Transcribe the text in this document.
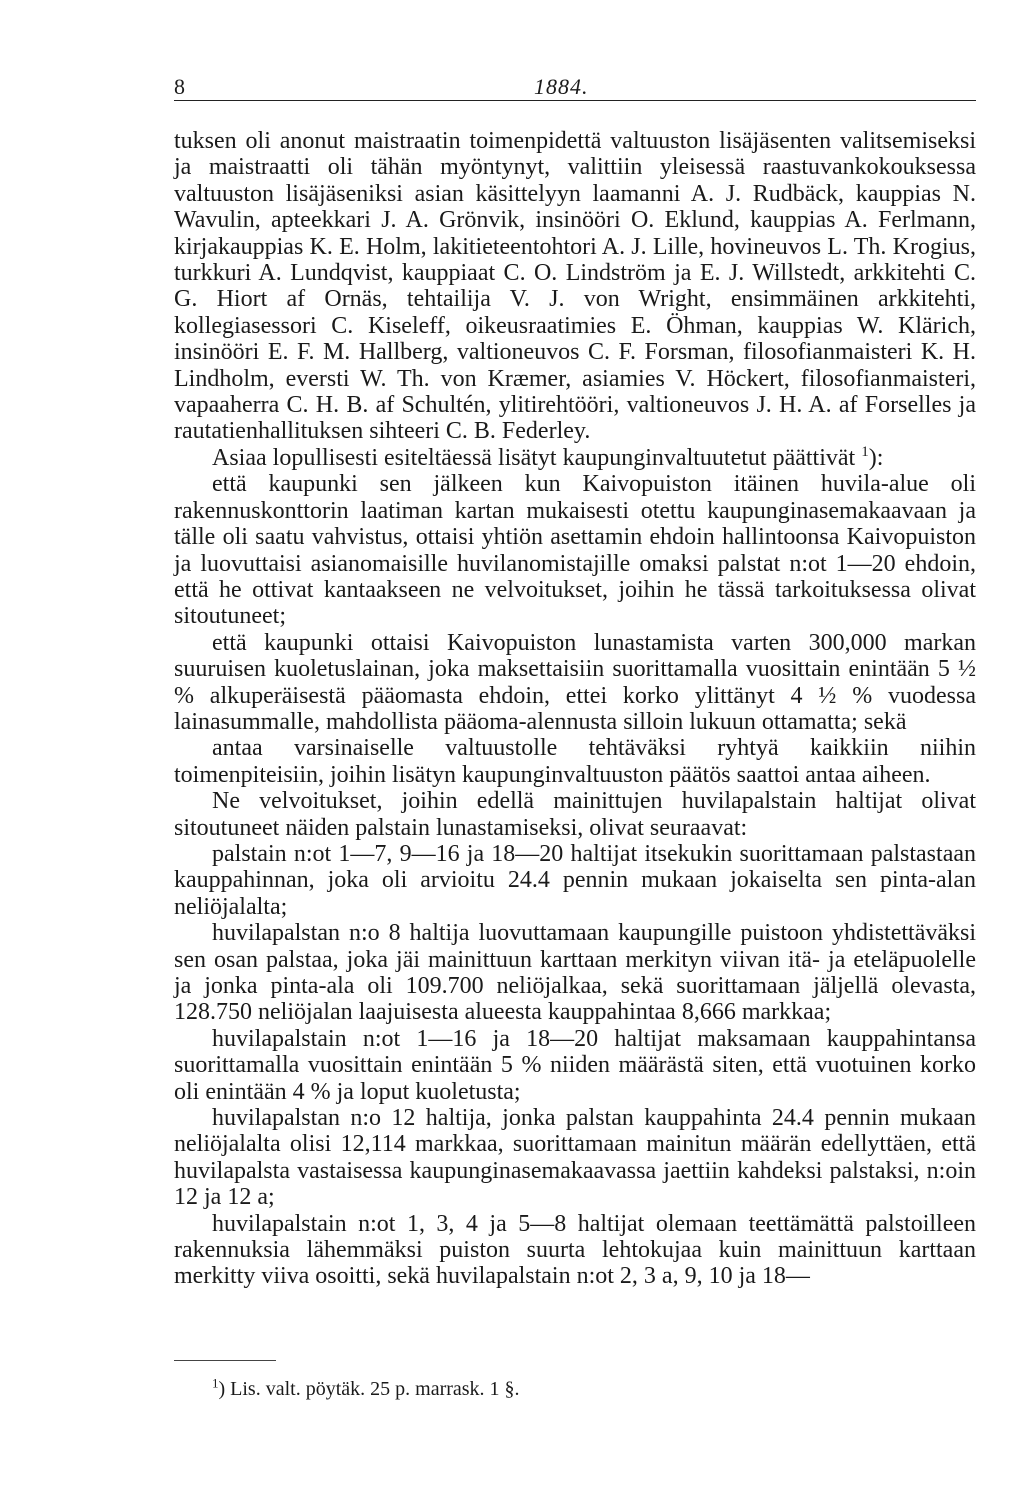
8	1884.

tuksen oli anonut maistraatin toimenpidettä valtuuston lisäjäsenten valitsemiseksi ja maistraatti oli tähän myöntynyt, valittiin yleisessä raastuvankokouksessa valtuuston lisäjäseniksi asian käsittelyyn laamanni A. J. Rudbäck, kauppias N. Wavulin, apteekkari J. A. Grönvik, insinööri O. Eklund, kauppias A. Ferlmann, kirjakauppias K. E. Holm, lakitieteentohtori A. J. Lille, hovineuvos L. Th. Krogius, turkkuri A. Lundqvist, kauppiaat C. O. Lindström ja E. J. Willstedt, arkkitehti C. G. Hiort af Ornäs, tehtailija V. J. von Wright, ensimmäinen arkkitehti, kollegiasessori C. Kiseleff, oikeusraatimies E. Öhman, kauppias W. Klärich, insinööri E. F. M. Hallberg, valtioneuvos C. F. Forsman, filosofianmaisteri K. H. Lindholm, eversti W. Th. von Kræmer, asiamies V. Höckert, filosofianmaisteri, vapaaherra C. H. B. af Schultén, ylitirehtööri, valtioneuvos J. H. A. af Forselles ja rautatienhallituksen sihteeri C. B. Federley.

Asiaa lopullisesti esiteltäessä lisätyt kaupunginvaltuutetut päättivät $^1$):

että kaupunki sen jälkeen kun Kaivopuiston itäinen huvila-alue oli rakennuskonttorin laatiman kartan mukaisesti otettu kaupunginasemakaavaan ja tälle oli saatu vahvistus, ottaisi yhtiön asettamin ehdoin hallintoonsa Kaivopuiston ja luovuttaisi asianomaisille huvilanomistajille omaksi palstat n:ot 1—20 ehdoin, että he ottivat kantaakseen ne velvoitukset, joihin he tässä tarkoituksessa olivat sitoutuneet;

että kaupunki ottaisi Kaivopuiston lunastamista varten 300,000 markan suuruisen kuoletuslainan, joka maksettaisiin suorittamalla vuosittain enintään 5 ½ % alkuperäisestä pääomasta ehdoin, ettei korko ylittänyt 4 ½ % vuodessa lainasummalle, mahdollista pääoma-alennusta silloin lukuun ottamatta; sekä

antaa varsinaiselle valtuustolle tehtäväksi ryhtyä kaikkiin niihin toimenpiteisiin, joihin lisätyn kaupunginvaltuuston päätös saattoi antaa aiheen.

Ne velvoitukset, joihin edellä mainittujen huvilapalstain haltijat olivat sitoutuneet näiden palstain lunastamiseksi, olivat seuraavat:

palstain n:ot 1—7, 9—16 ja 18—20 haltijat itsekukin suorittamaan palstastaan kauppahinnan, joka oli arvioitu 24.4 pennin mukaan jokaiselta sen pinta-alan neliöjalalta;

huvilapalstan n:o 8 haltija luovuttamaan kaupungille puistoon yhdistettäväksi sen osan palstaa, joka jäi mainittuun karttaan merkityn viivan itä- ja eteläpuolelle ja jonka pinta-ala oli 109.700 neliöjalkaa, sekä suorittamaan jäljellä olevasta, 128.750 neliöjalan laajuisesta alueesta kauppahintaa 8,666 markkaa;

huvilapalstain n:ot 1—16 ja 18—20 haltijat maksamaan kauppahintansa suorittamalla vuosittain enintään 5 % niiden määrästä siten, että vuotuinen korko oli enintään 4 % ja loput kuoletusta;

huvilapalstan n:o 12 haltija, jonka palstan kauppahinta 24.4 pennin mukaan neliöjalalta olisi 12,114 markkaa, suorittamaan mainitun määrän edellyttäen, että huvilapalsta vastaisessa kaupunginasemakaavassa jaettiin kahdeksi palstaksi, n:oin 12 ja 12 a;

huvilapalstain n:ot 1, 3, 4 ja 5—8 haltijat olemaan teettämättä palstoilleen rakennuksia lähemmäksi puiston suurta lehtokujaa kuin mainittuun karttaan merkitty viiva osoitti, sekä huvilapalstain n:ot 2, 3 a, 9, 10 ja 18—

$^1$) Lis. valt. pöytäk. 25 p. marrask. 1 §.
